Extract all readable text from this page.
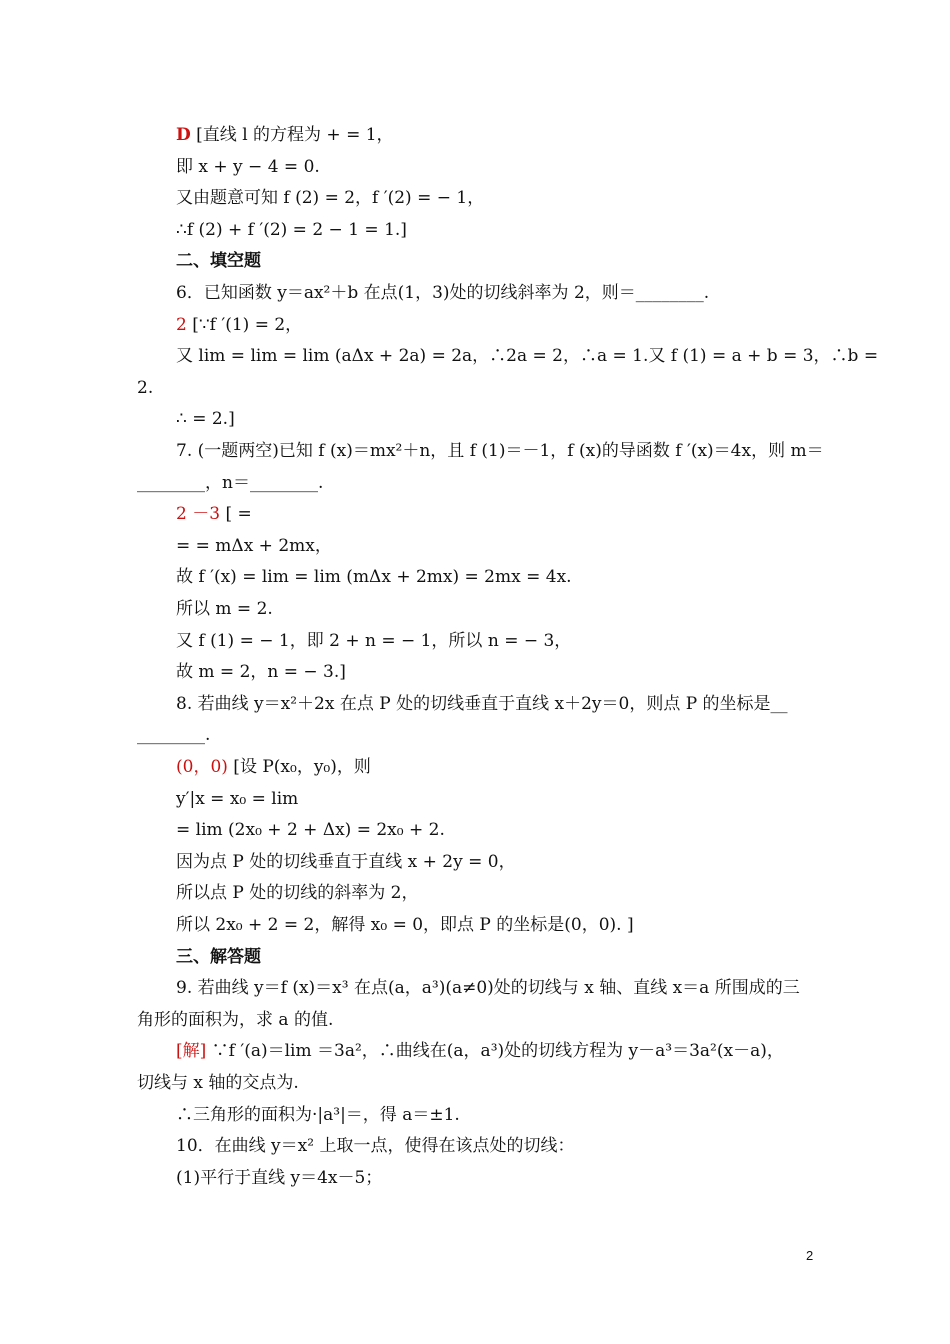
D [直线 l 的方程为 + = 1，
即 x + y − 4 = 0.
又由题意可知 f (2) = 2，f ′(2) = − 1，
∴f (2) + f ′(2) = 2 − 1 = 1.]
二、填空题
6．已知函数 y＝ax²＋b 在点(1，3)处的切线斜率为 2，则＝________.
2 [∵f ′(1) = 2，
又 lim = lim = lim (aΔx + 2a) = 2a，∴2a = 2，∴a = 1.又 f (1) = a + b = 3，∴b =
2.
∴ = 2.]
7. (一题两空)已知 f (x)＝mx²＋n，且 f (1)＝－1，f (x)的导函数 f ′(x)＝4x，则 m＝
________，n＝________.
2 －3 [ =
= = mΔx + 2mx，
故 f ′(x) = lim = lim (mΔx + 2mx) = 2mx = 4x.
所以 m = 2.
又 f (1) = − 1，即 2 + n = − 1，所以 n = − 3，
故 m = 2，n = − 3.]
8. 若曲线 y＝x²＋2x 在点 P 处的切线垂直于直线 x＋2y＝0，则点 P 的坐标是__
________.
(0，0) [设 P(x₀，y₀)，则
y′|x = x₀ = lim
= lim (2x₀ + 2 + Δx) = 2x₀ + 2.
因为点 P 处的切线垂直于直线 x + 2y = 0，
所以点 P 处的切线的斜率为 2，
所以 2x₀ + 2 = 2，解得 x₀ = 0，即点 P 的坐标是(0，0). ]
三、解答题
9. 若曲线 y＝f (x)＝x³ 在点(a，a³)(a≠0)处的切线与 x 轴、直线 x＝a 所围成的三
角形的面积为，求 a 的值.
[解] ∵f ′(a)＝lim ＝3a²，∴曲线在(a，a³)处的切线方程为 y－a³＝3a²(x－a)，
切线与 x 轴的交点为.
∴三角形的面积为·|a³|＝，得 a＝±1.
10．在曲线 y＝x² 上取一点，使得在该点处的切线：
(1)平行于直线 y＝4x－5；
2
